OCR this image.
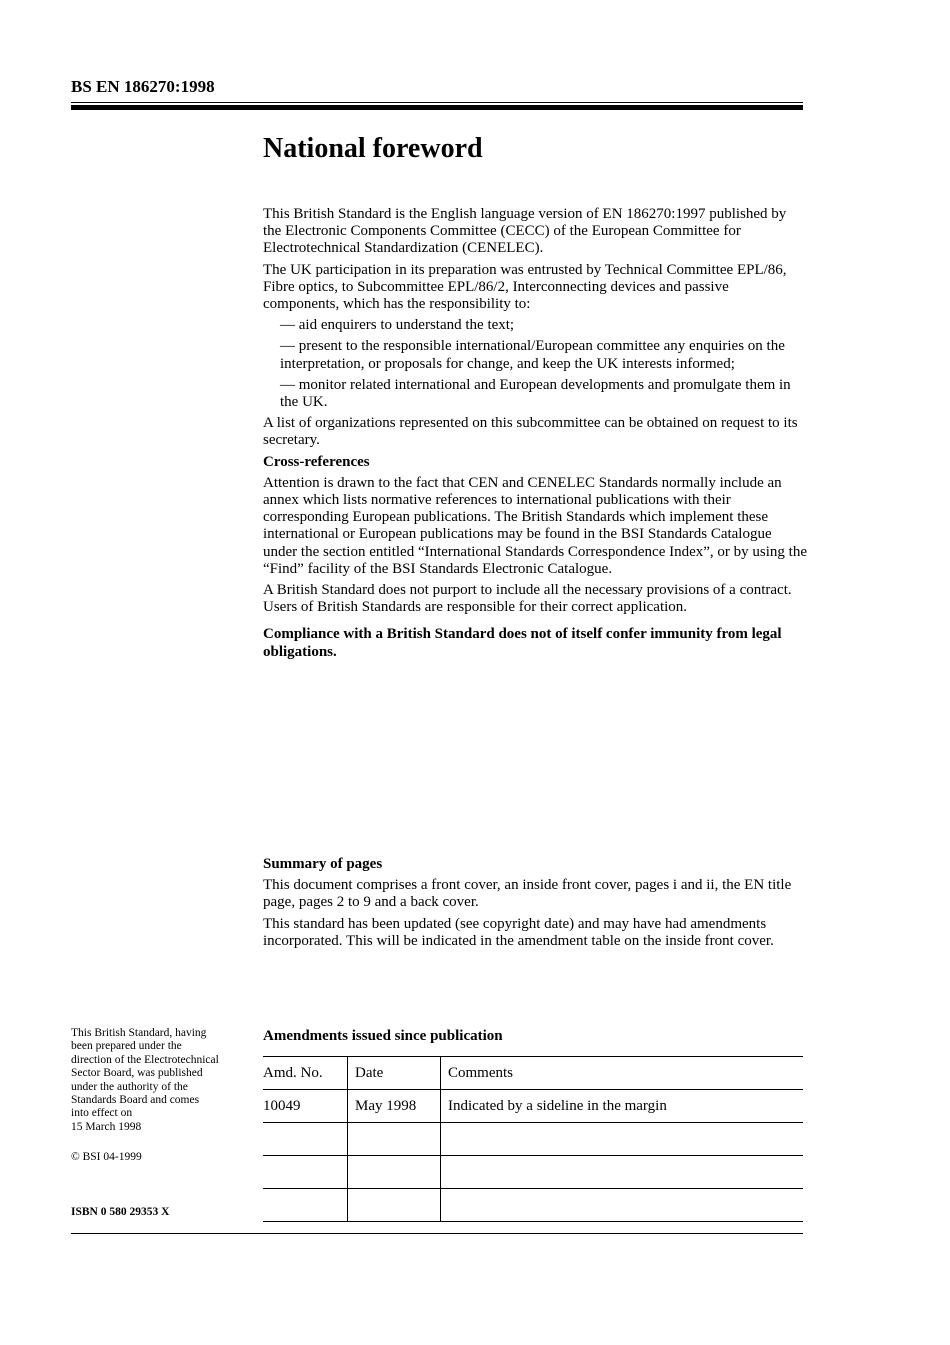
BS EN 186270:1998
National foreword

This British Standard is the English language version of EN 186270:1997 published by the Electronic Components Committee (CECC) of the European Committee for Electrotechnical Standardization (CENELEC).

The UK participation in its preparation was entrusted by Technical Committee EPL/86, Fibre optics, to Subcommittee EPL/86/2, Interconnecting devices and passive components, which has the responsibility to:

— aid enquirers to understand the text;

— present to the responsible international/European committee any enquiries on the interpretation, or proposals for change, and keep the UK interests informed;

— monitor related international and European developments and promulgate them in the UK.

A list of organizations represented on this subcommittee can be obtained on request to its secretary.

Cross-references

Attention is drawn to the fact that CEN and CENELEC Standards normally include an annex which lists normative references to international publications with their corresponding European publications. The British Standards which implement these international or European publications may be found in the BSI Standards Catalogue under the section entitled “International Standards Correspondence Index”, or by using the “Find” facility of the BSI Standards Electronic Catalogue.

A British Standard does not purport to include all the necessary provisions of a contract. Users of British Standards are responsible for their correct application.

Compliance with a British Standard does not of itself confer immunity from legal obligations.

Summary of pages

This document comprises a front cover, an inside front cover, pages i and ii, the EN title page, pages 2 to 9 and a back cover.

This standard has been updated (see copyright date) and may have had amendments incorporated. This will be indicated in the amendment table on the inside front cover.

This British Standard, having

been prepared under the

direction of the Electrotechnical

Sector Board, was published

under the authority of the

Standards Board and comes

into effect on

15 March 1998

© BSI 04-1999
ISBN 0 580 29353 X
Amendments issued since publication
Amd. No.	Date	Comments
10049	May 1998	Indicated by a sideline in the margin
